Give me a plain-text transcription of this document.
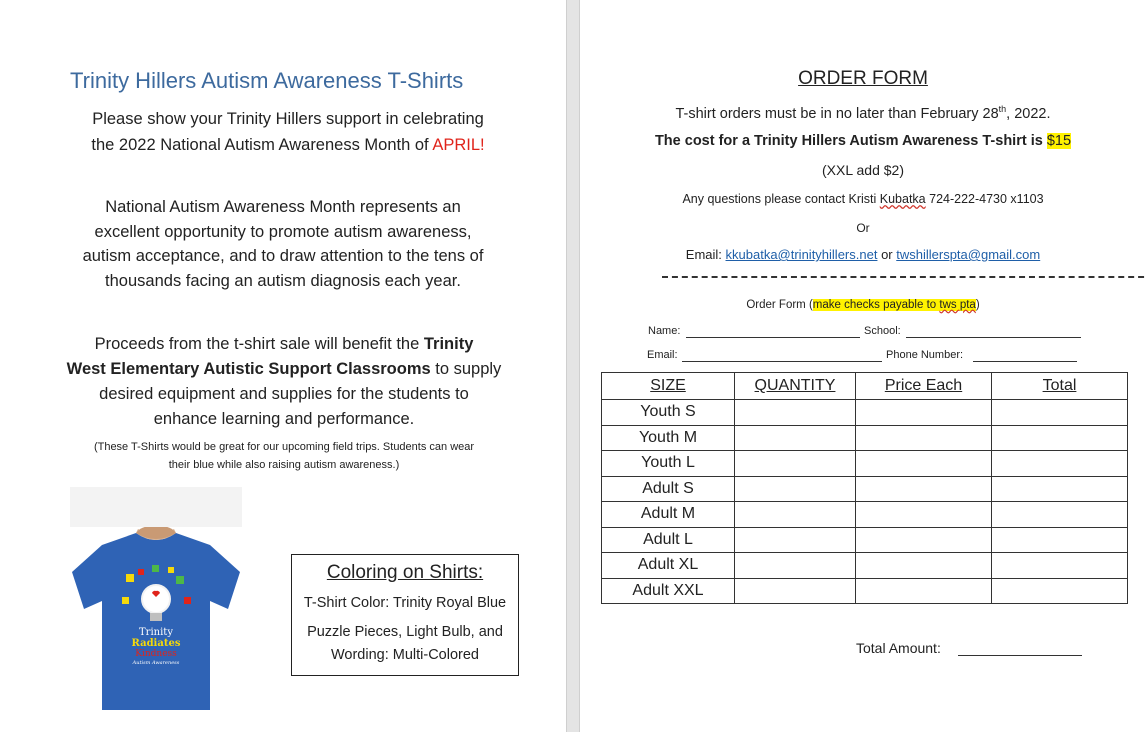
Trinity Hillers Autism Awareness T-Shirts
Please show your Trinity Hillers support in celebrating
the 2022 National Autism Awareness Month of APRIL!
National Autism Awareness Month represents an
excellent opportunity to promote autism awareness,
autism acceptance, and to draw attention to the tens of
thousands facing an autism diagnosis each year.
Proceeds from the t-shirt sale will benefit the Trinity
West Elementary Autistic Support Classrooms to supply
desired equipment and supplies for the students to
enhance learning and performance.
(These T-Shirts would be great for our upcoming field trips. Students can wear
their blue while also raising autism awareness.)
Trinity
Radiates
Kindness
Autism Awareness
Coloring on Shirts:
T-Shirt Color: Trinity Royal Blue
Puzzle Pieces, Light Bulb, and
Wording: Multi-Colored
ORDER FORM
T-shirt orders must be in no later than February 28th, 2022.
The cost for a Trinity Hillers Autism Awareness T-shirt is $15
(XXL add $2)
Any questions please contact Kristi Kubatka 724-222-4730 x1103
Or
Email: kkubatka@trinityhillers.net or twshillerspta@gmail.com
Order Form (make checks payable to tws pta)
Name:	School:
Email:	Phone Number:
SIZE	QUANTITY	Price Each	Total
Youth S			
Youth M			
Youth L			
Adult S			
Adult M			
Adult L			
Adult XL			
Adult XXL			
Total Amount:
